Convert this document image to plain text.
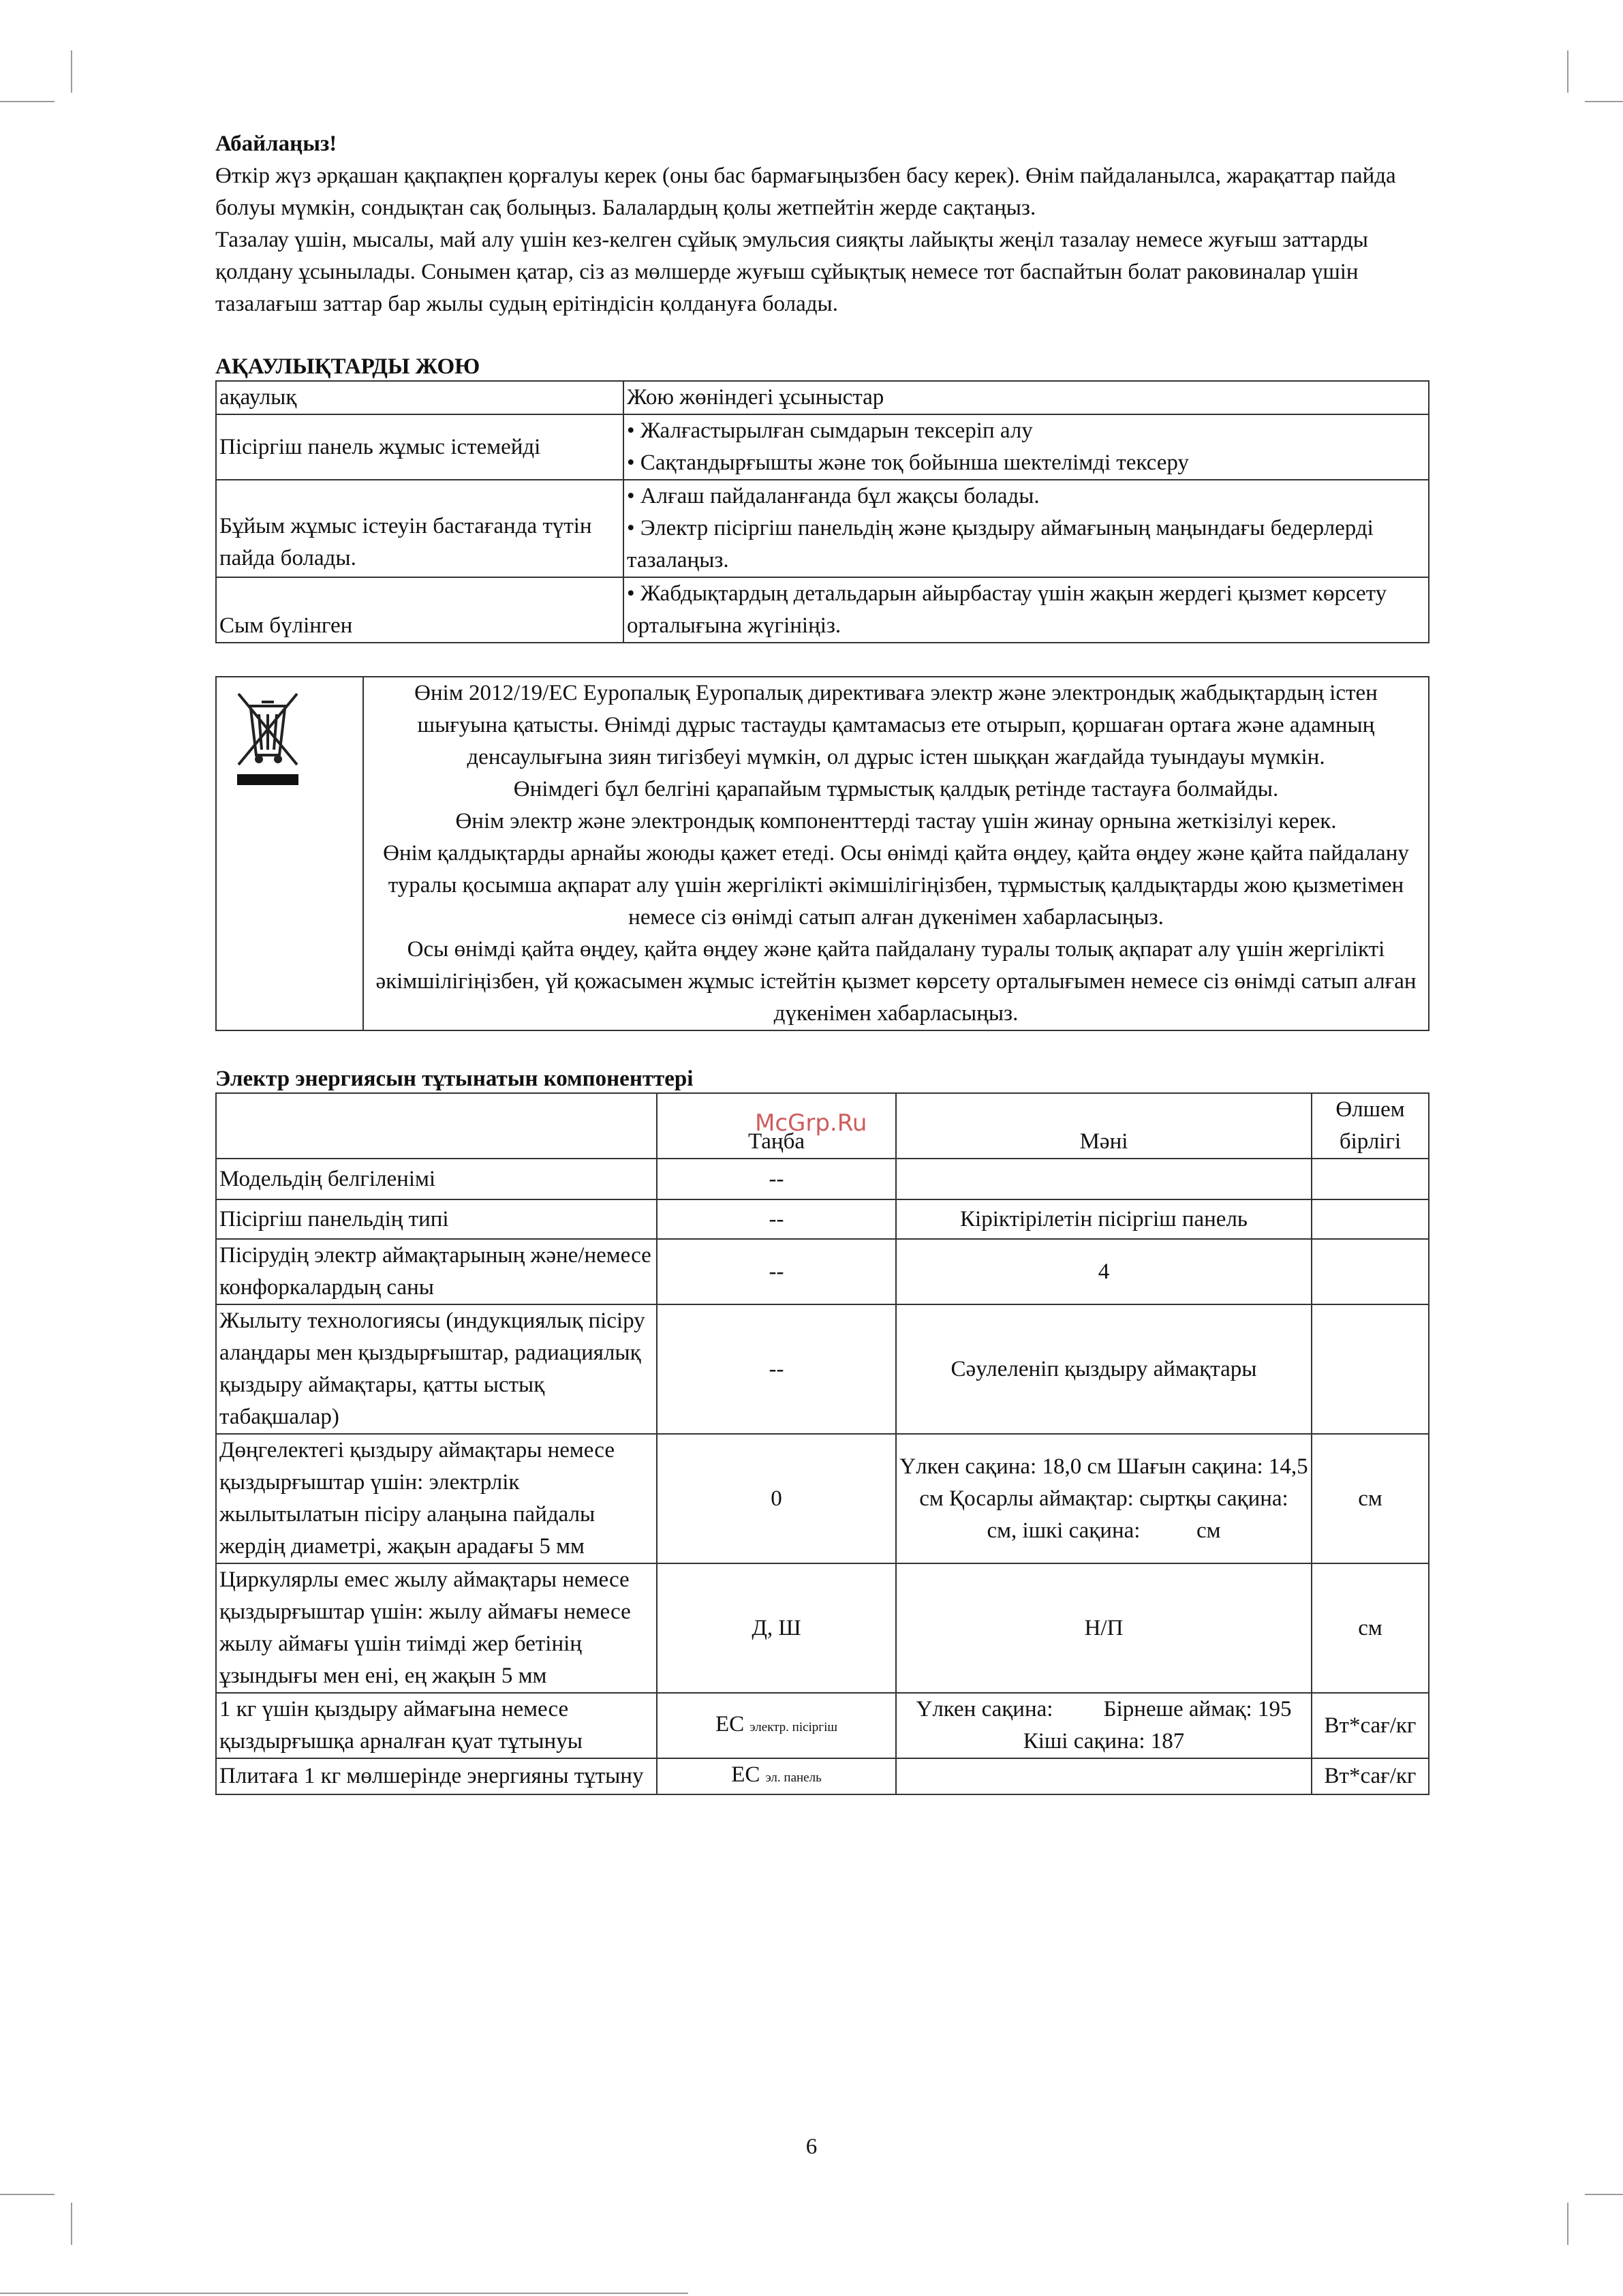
Абайлаңыз!

Өткір жүз әрқашан қақпақпен қорғалуы керек (оны бас бармағыңызбен басу керек). Өнім пайдаланылса, жарақаттар пайда болуы мүмкін, сондықтан сақ болыңыз. Балалардың қолы жетпейтін жерде сақтаңыз.

Тазалау үшін, мысалы, май алу үшін кез-келген сұйық эмульсия сияқты лайықты жеңіл тазалау немесе жуғыш заттарды қолдану ұсынылады. Сонымен қатар, сіз аз мөлшерде жуғыш сұйықтық немесе тот баспайтын болат раковиналар үшін тазалағыш заттар бар жылы судың ерітіндісін қолдануға болады.

АҚАУЛЫҚТАРДЫ ЖОЮ

ақаулық	Жою жөніндегі ұсыныстар
Пісіргіш панель жұмыс істемейді	• Жалғастырылған сымдарын тексеріп алу
• Сақтандырғышты және тоқ бойынша шектелімді тексеру

Бұйым жұмыс істеуін бастағанда түтін пайда болады.	• Алғаш пайдаланғанда бұл жақсы болады.
• Электр пісіргіш панельдің және қыздыру аймағының маңындағы бедерлерді тазалаңыз.

Сым бүлінген	• Жабдықтардың детальдарын айырбастау үшін жақын жердегі қызмет көрсету орталығына жүгініңіз.

Өнім 2012/19/ЕС Еуропалық Еуропалық директиваға электр және электрондық жабдықтардың істен шығуына қатысты. Өнімді дұрыс тастауды қамтамасыз ете отырып, қоршаған ортаға және адамның денсаулығына зиян тигізбеуі мүмкін, ол дұрыс істен шыққан жағдайда туындауы мүмкін.
Өнімдегі бұл белгіні қарапайым тұрмыстық қалдық ретінде тастауға болмайды.
Өнім электр және электрондық компоненттерді тастау үшін жинау орнына жеткізілуі керек.
Өнім қалдықтарды арнайы жоюды қажет етеді. Осы өнімді қайта өңдеу, қайта өңдеу және қайта пайдалану туралы қосымша ақпарат алу үшін жергілікті әкімшілігіңізбен, тұрмыстық қалдықтарды жою қызметімен немесе сіз өнімді сатып алған дүкенімен хабарласыңыз.
Осы өнімді қайта өңдеу, қайта өңдеу және қайта пайдалану туралы толық ақпарат алу үшін жергілікті әкімшілігіңізбен, үй қожасымен жұмыс істейтін қызмет көрсету орталығымен немесе сіз өнімді сатып алған дүкенімен хабарласыңыз.

Электр энергиясын тұтынатын компоненттері

	Таңба	Мәні	Өлшем бірлігі
Модельдің белгіленімі	--		
Пісіргіш панельдің типі	--	Кіріктірілетін пісіргіш панель	
Пісірудің электр аймақтарының және/немесе конфоркалардың саны	--	4	
Жылыту технологиясы (индукциялық пісіру алаңдары мен қыздырғыштар, радиациялық қыздыру аймақтары, қатты ыстық табақшалар)	--	Сәулеленіп қыздыру аймақтары	
Дөңгелектегі қыздыру аймақтары немесе қыздырғыштар үшін: электрлік жылытылатын пісіру алаңына пайдалы жердің диаметрі, жақын арадағы 5 мм	0	Үлкен сақина: 18,0 см Шағын сақина: 14,5 см Қосарлы аймақтар: сыртқы сақина:          см, ішкі сақина:          см	см
Циркулярлы емес жылу аймақтары немесе қыздырғыштар үшін: жылу аймағы немесе жылу аймағы үшін тиімді жер бетінің ұзындығы мен ені, ең жақын 5 мм	Д, Ш	Н/П	см
1 кг үшін қыздыру аймағына немесе қыздырғышқа арналған қуат тұтынуы	ЕС электр. пісіргіш	Үлкен сақина:         Бірнеше аймақ: 195 Кіші сақина: 187	Вт*сағ/кг
Плитаға 1 кг мөлшерінде энергияны тұтыну	ЕС эл. панель		Вт*сағ/кг
McGrp.Ru
6
